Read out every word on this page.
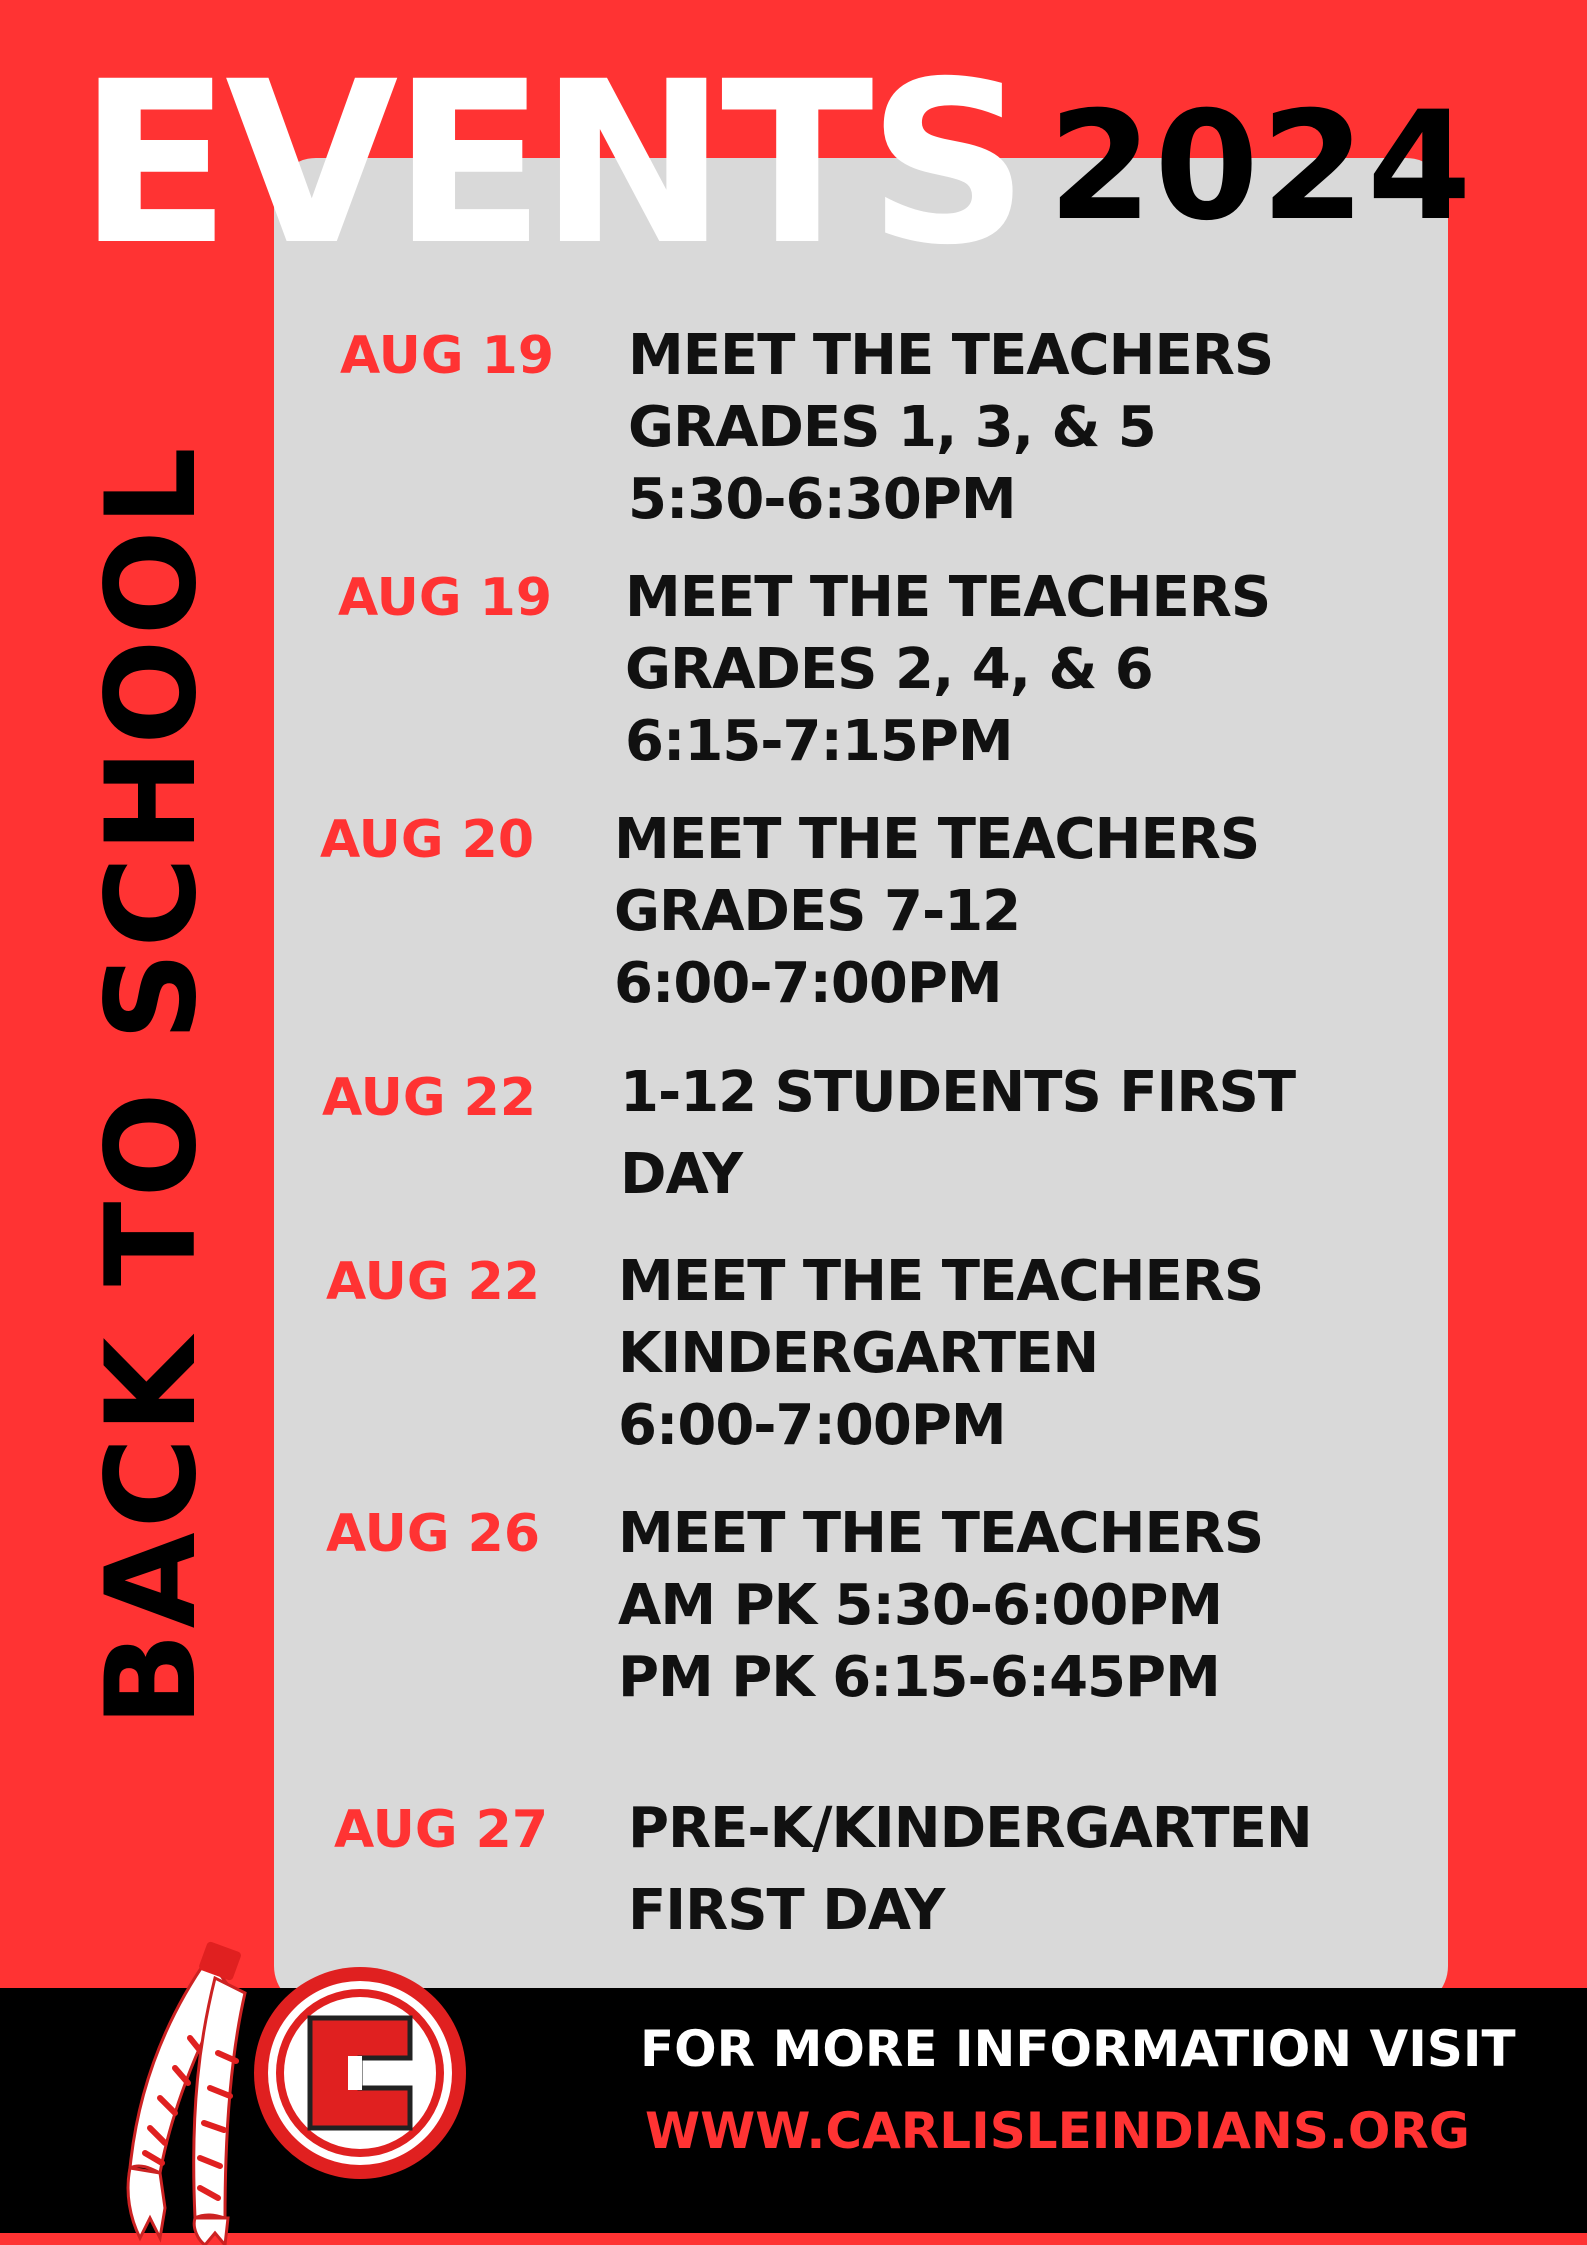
EVENTS 2024
BACK TO SCHOOL
AUG 19 MEET THE TEACHERS
GRADES 1, 3, & 5
5:30-6:30PM
AUG 19 MEET THE TEACHERS
GRADES 2, 4, & 6
6:15-7:15PM
AUG 20 MEET THE TEACHERS
GRADES 7-12
6:00-7:00PM
AUG 22 1-12 STUDENTS FIRST
DAY
AUG 22 MEET THE TEACHERS
KINDERGARTEN
6:00-7:00PM
AUG 26 MEET THE TEACHERS
AM PK 5:30-6:00PM
PM PK 6:15-6:45PM
AUG 27 PRE-K/KINDERGARTEN
FIRST DAY
FOR MORE INFORMATION VISIT
WWW.CARLISLEINDIANS.ORG
